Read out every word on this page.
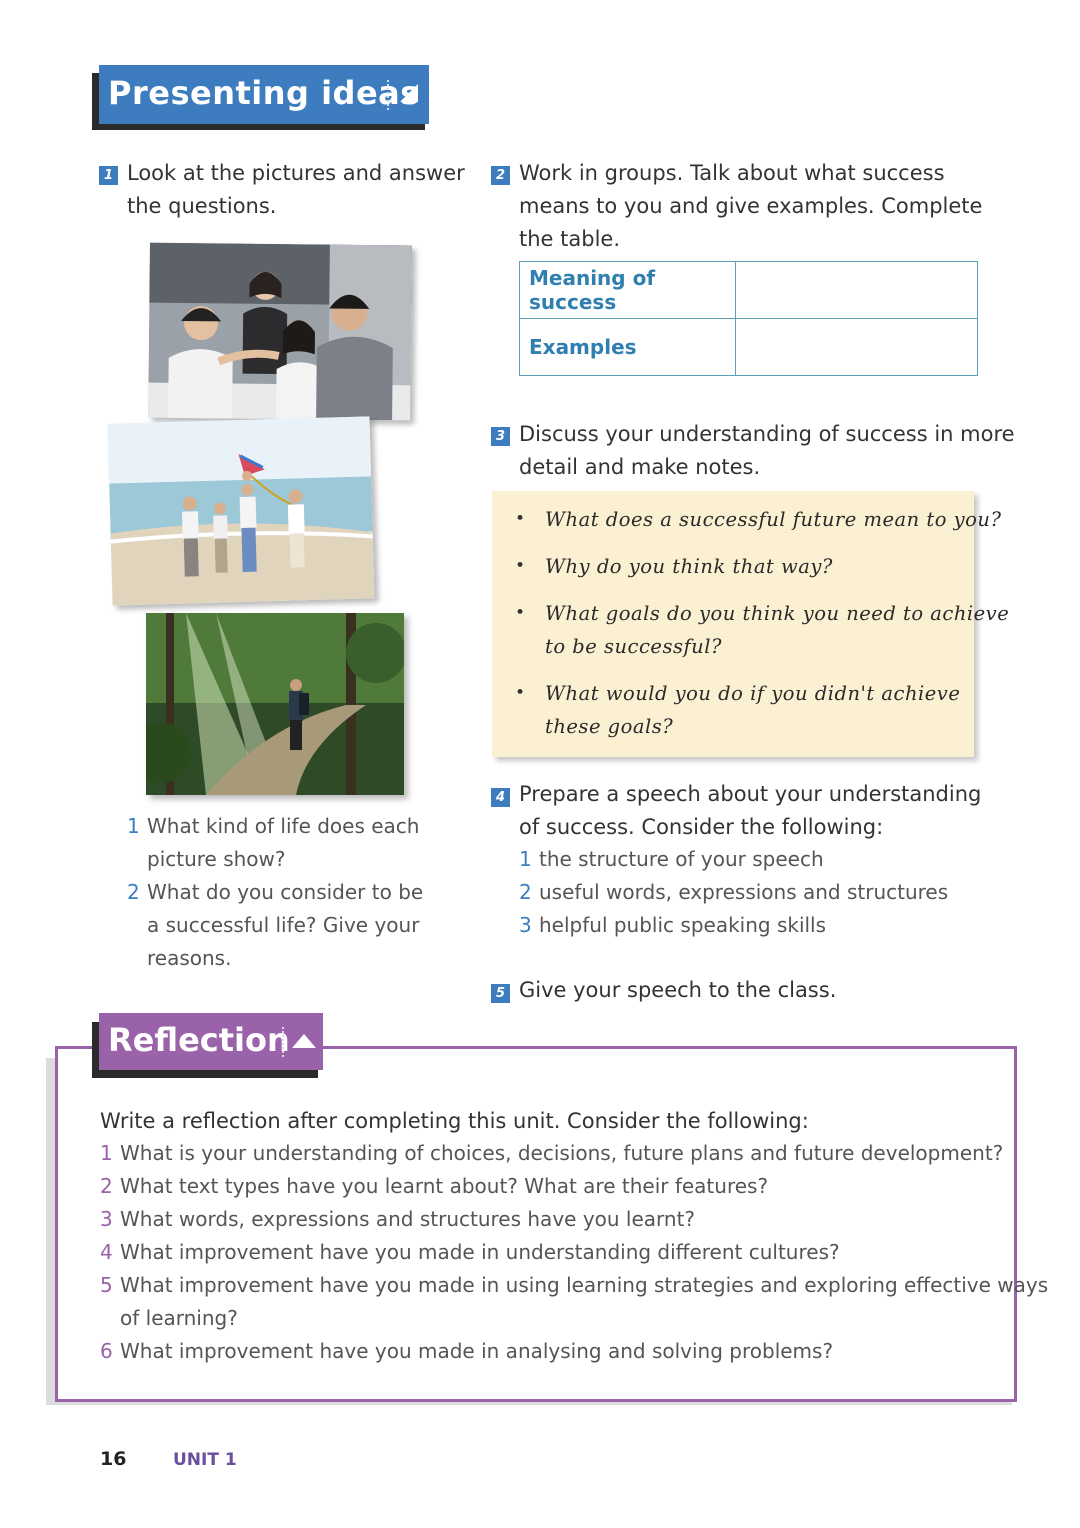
Presenting ideas
1 Look at the pictures and answer
the questions.
1 What kind of life does each
picture show?
2 What do you consider to be
a successful life? Give your
reasons.
2 Work in groups. Talk about what success
means to you and give examples. Complete
the table.
Meaning of success	
Examples	
3 Discuss your understanding of success in more
detail and make notes.
• What does a successful future mean to you?
• Why do you think that way?
• What goals do you think you need to achieve
to be successful?
• What would you do if you didn't achieve
these goals?
4 Prepare a speech about your understanding
of success. Consider the following:
1 the structure of your speech
2 useful words, expressions and structures
3 helpful public speaking skills
5 Give your speech to the class.
Reflection
Write a reflection after completing this unit. Consider the following:
1 What is your understanding of choices, decisions, future plans and future development?
2 What text types have you learnt about? What are their features?
3 What words, expressions and structures have you learnt?
4 What improvement have you made in understanding different cultures?
5 What improvement have you made in using learning strategies and exploring effective ways
of learning?
6 What improvement have you made in analysing and solving problems?
16	UNIT 1
